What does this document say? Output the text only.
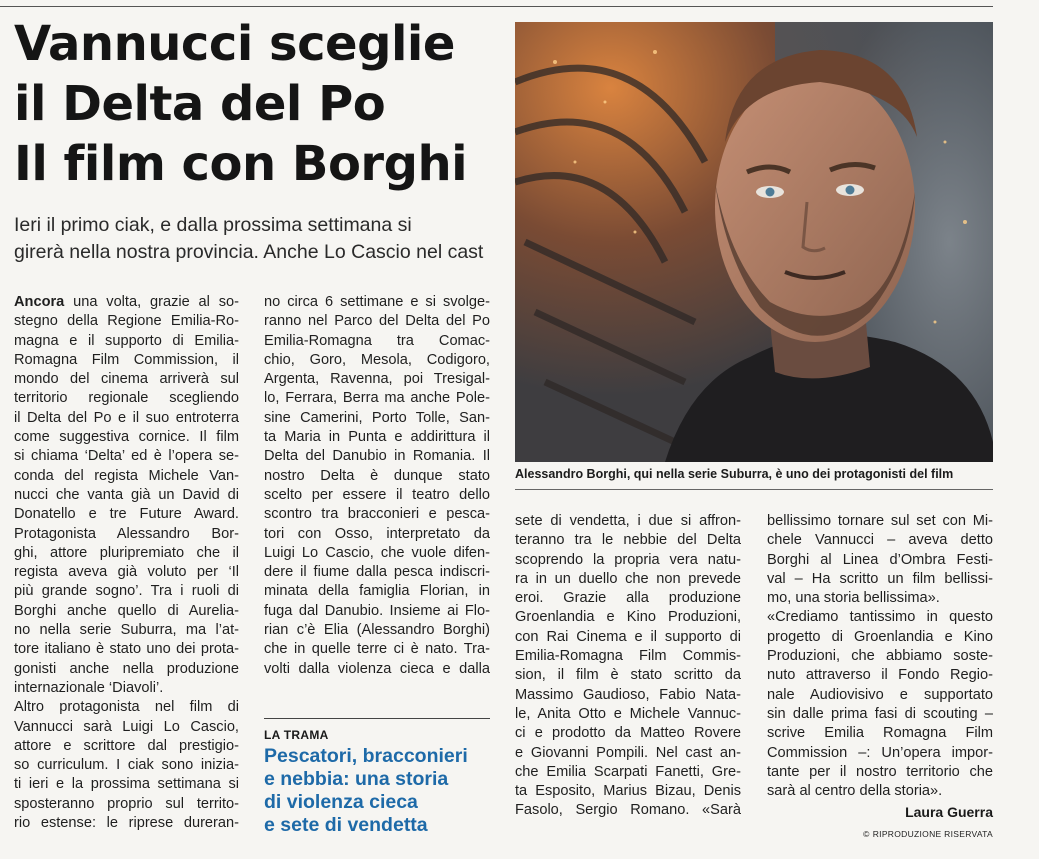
Vannucci sceglie
il Delta del Po
Il film con Borghi

Ieri il primo ciak, e dalla prossima settimana si
girerà nella nostra provincia. Anche Lo Cascio nel cast

Alessandro Borghi, qui nella serie Suburra, è uno dei protagonisti del film

Ancora una volta, grazie al so-
stegno della Regione Emilia-Ro-
magna e il supporto di Emilia-
Romagna Film Commission, il
mondo del cinema arriverà sul
territorio regionale scegliendo
il Delta del Po e il suo entroterra
come suggestiva cornice. Il film
si chiama ‘Delta’ ed è l’opera se-
conda del regista Michele Van-
nucci che vanta già un David di
Donatello e tre Future Award.
Protagonista Alessandro Bor-
ghi, attore pluripremiato che il
regista aveva già voluto per ‘Il
più grande sogno’. Tra i ruoli di
Borghi anche quello di Aurelia-
no nella serie Suburra, ma l’at-
tore italiano è stato uno dei prota-
gonisti anche nella produzione
internazionale ‘Diavoli’.
Altro protagonista nel film di
Vannucci sarà Luigi Lo Cascio,
attore e scrittore dal prestigio-
so curriculum. I ciak sono inizia-
ti ieri e la prossima settimana si
sposteranno proprio sul territo-
rio estense: le riprese dureran-
no circa 6 settimane e si svolge-
ranno nel Parco del Delta del Po
Emilia-Romagna tra Comac-
chio, Goro, Mesola, Codigoro,
Argenta, Ravenna, poi Tresigal-
lo, Ferrara, Berra ma anche Pole-
sine Camerini, Porto Tolle, San-
ta Maria in Punta e addirittura il
Delta del Danubio in Romania. Il
nostro Delta è dunque stato
scelto per essere il teatro dello
scontro tra bracconieri e pesca-
tori con Osso, interpretato da
Luigi Lo Cascio, che vuole difen-
dere il fiume dalla pesca indiscri-
minata della famiglia Florian, in
fuga dal Danubio. Insieme ai Flo-
rian c’è Elia (Alessandro Borghi)
che in quelle terre ci è nato. Tra-
volti dalla violenza cieca e dalla

LA TRAMA

Pescatori, bracconieri
e nebbia: una storia
di violenza cieca
e sete di vendetta
sete di vendetta, i due si affron-
teranno tra le nebbie del Delta
scoprendo la propria vera natu-
ra in un duello che non prevede
eroi. Grazie alla produzione
Groenlandia e Kino Produzioni,
con Rai Cinema e il supporto di
Emilia-Romagna Film Commis-
sion, il film è stato scritto da
Massimo Gaudioso, Fabio Nata-
le, Anita Otto e Michele Vannuc-
ci e prodotto da Matteo Rovere
e Giovanni Pompili. Nel cast an-
che Emilia Scarpati Fanetti, Gre-
ta Esposito, Marius Bizau, Denis
Fasolo, Sergio Romano. «Sarà
bellissimo tornare sul set con Mi-
chele Vannucci – aveva detto
Borghi al Linea d’Ombra Festi-
val – Ha scritto un film bellissi-
mo, una storia bellissima».
«Crediamo tantissimo in questo
progetto di Groenlandia e Kino
Produzioni, che abbiamo soste-
nuto attraverso il Fondo Regio-
nale Audiovisivo e supportato
sin dalle prima fasi di scouting –
scrive Emilia Romagna Film
Commission –: Un’opera impor-
tante per il nostro territorio che
sarà al centro della storia».

Laura Guerra

© RIPRODUZIONE RISERVATA
